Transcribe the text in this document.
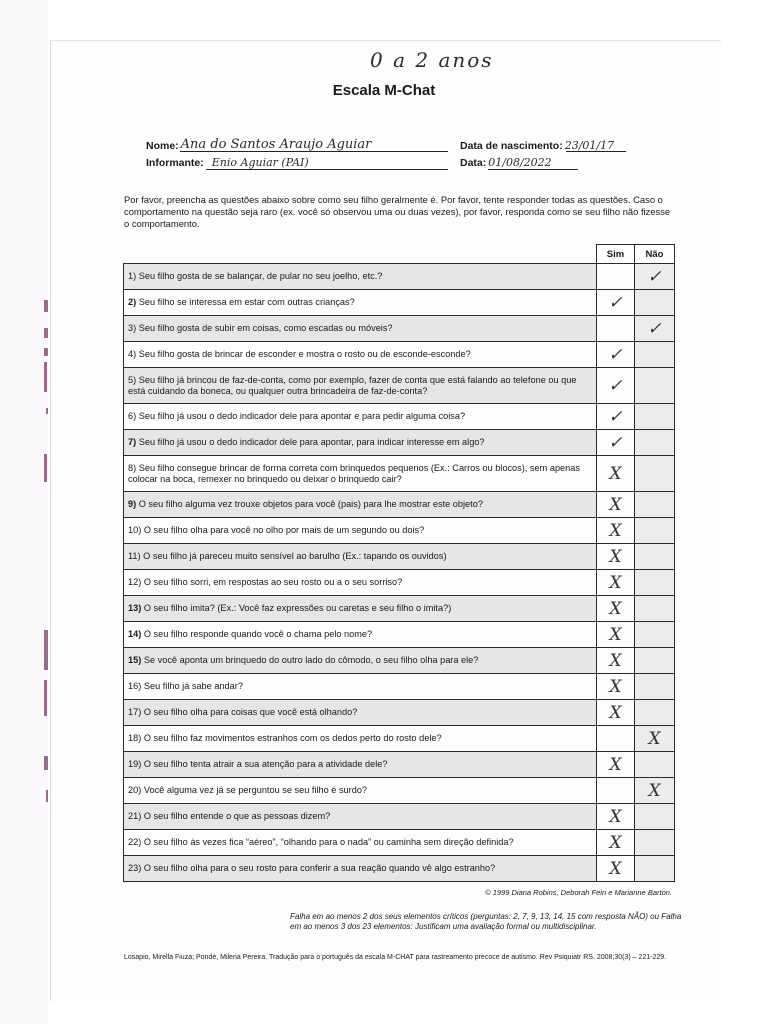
0 a 2 anos
Escala M-Chat
Nome: Ana do Santos Araujo Aguiar
Informante: Enio Aguiar (PAI)
Data de nascimento: 23/01/17
Data: 01/08/2022
Por favor, preencha as questões abaixo sobre como seu filho geralmente é. Por favor, tente responder todas as questões. Caso o comportamento na questão seja raro (ex. você só observou uma ou duas vezes), por favor, responda como se seu filho não fizesse o comportamento.
	Sim	Não
1) Seu filho gosta de se balançar, de pular no seu joelho, etc.?		✓
2) Seu filho se interessa em estar com outras crianças?	✓	
3) Seu filho gosta de subir em coisas, como escadas ou móveis?		✓
4) Seu filho gosta de brincar de esconder e mostra o rosto ou de esconde-esconde?	✓	
5) Seu filho já brincou de faz-de-conta, como por exemplo, fazer de conta que está falando ao telefone ou que está cuidando da boneca, ou qualquer outra brincadeira de faz-de-conta?	✓	
6) Seu filho já usou o dedo indicador dele para apontar e para pedir alguma coisa?	✓	
7) Seu filho já usou o dedo indicador dele para apontar, para indicar interesse em algo?	✓	
8) Seu filho consegue brincar de forma correta com brinquedos pequenos (Ex.: Carros ou blocos), sem apenas colocar na boca, remexer no brinquedo ou deixar o brinquedo cair?	X	
9) O seu filho alguma vez trouxe objetos para você (pais) para lhe mostrar este objeto?	X	
10) O seu filho olha para você no olho por mais de um segundo ou dois?	X	
11) O seu filho já pareceu muito sensível ao barulho (Ex.: tapando os ouvidos)	X	
12) O seu filho sorri, em respostas ao seu rosto ou a o seu sorriso?	X	
13) O seu filho imita? (Ex.: Você faz expressões ou caretas e seu filho o imita?)	X	
14) O seu filho responde quando você o chama pelo nome?	X	
15) Se você aponta um brinquedo do outro lado do cômodo, o seu filho olha para ele?	X	
16) Seu filho já sabe andar?	X	
17) O seu filho olha para coisas que você está olhando?	X	
18) O seu filho faz movimentos estranhos com os dedos perto do rosto dele?		X
19) O seu filho tenta atrair a sua atenção para a atividade dele?	X	
20) Você alguma vez já se perguntou se seu filho é surdo?		X
21) O seu filho entende o que as pessoas dizem?	X	
22) O seu filho às vezes fica “aéreo”, “olhando para o nada” ou caminha sem direção definida?	X	
23) O seu filho olha para o seu rosto para conferir a sua reação quando vê algo estranho?	X	
© 1999 Diana Robins, Deborah Fein e Marianne Barton.
Falha em ao menos 2 dos seus elementos críticos (perguntas: 2, 7, 9, 13, 14, 15 com resposta NÃO) ou Falha em ao menos 3 dos 23 elementos: Justificam uma avaliação formal ou multidisciplinar.
Losapio, Mirella Fiuza; Pondé, Milena Pereira. Tradução para o português da escala M-CHAT para rastreamento precoce de autismo. Rev Psiquiatr RS. 2008;30(3) – 221-229.
